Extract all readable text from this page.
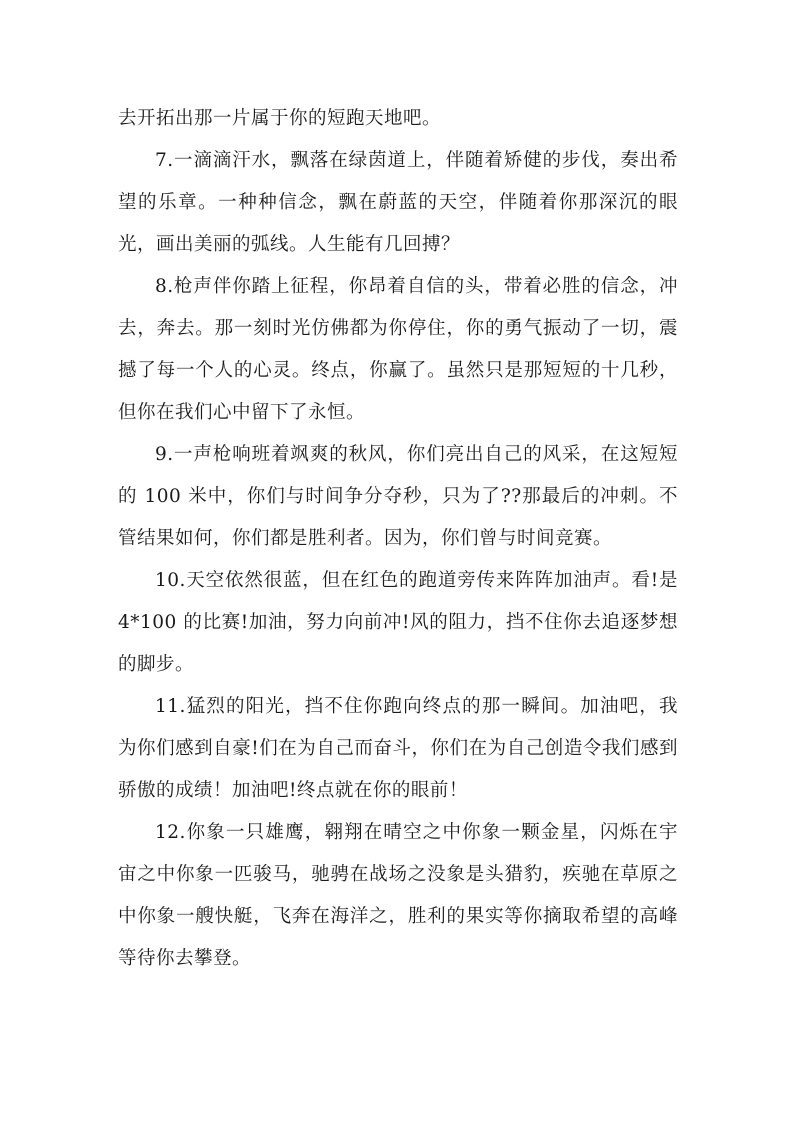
去开拓出那一片属于你的短跑天地吧。

7.一滴滴汗水，飘落在绿茵道上，伴随着矫健的步伐，奏出希望的乐章。一种种信念，飘在蔚蓝的天空，伴随着你那深沉的眼光，画出美丽的弧线。人生能有几回搏？

8.枪声伴你踏上征程，你昂着自信的头，带着必胜的信念，冲去，奔去。那一刻时光仿佛都为你停住，你的勇气振动了一切，震撼了每一个人的心灵。终点，你赢了。虽然只是那短短的十几秒，但你在我们心中留下了永恒。

9.一声枪响班着飒爽的秋风，你们亮出自己的风采，在这短短的 100 米中，你们与时间争分夺秒，只为了??那最后的冲刺。不管结果如何，你们都是胜利者。因为，你们曾与时间竞赛。

10.天空依然很蓝，但在红色的跑道旁传来阵阵加油声。看!是 4*100 的比赛!加油，努力向前冲!风的阻力，挡不住你去追逐梦想的脚步。

11.猛烈的阳光，挡不住你跑向终点的那一瞬间。加油吧，我为你们感到自豪!们在为自己而奋斗，你们在为自己创造令我们感到骄傲的成绩！加油吧!终点就在你的眼前！

12.你象一只雄鹰，翱翔在晴空之中你象一颗金星，闪烁在宇宙之中你象一匹骏马，驰骋在战场之没象是头猎豹，疾驰在草原之中你象一艘快艇，飞奔在海洋之，胜利的果实等你摘取希望的高峰等待你去攀登。
